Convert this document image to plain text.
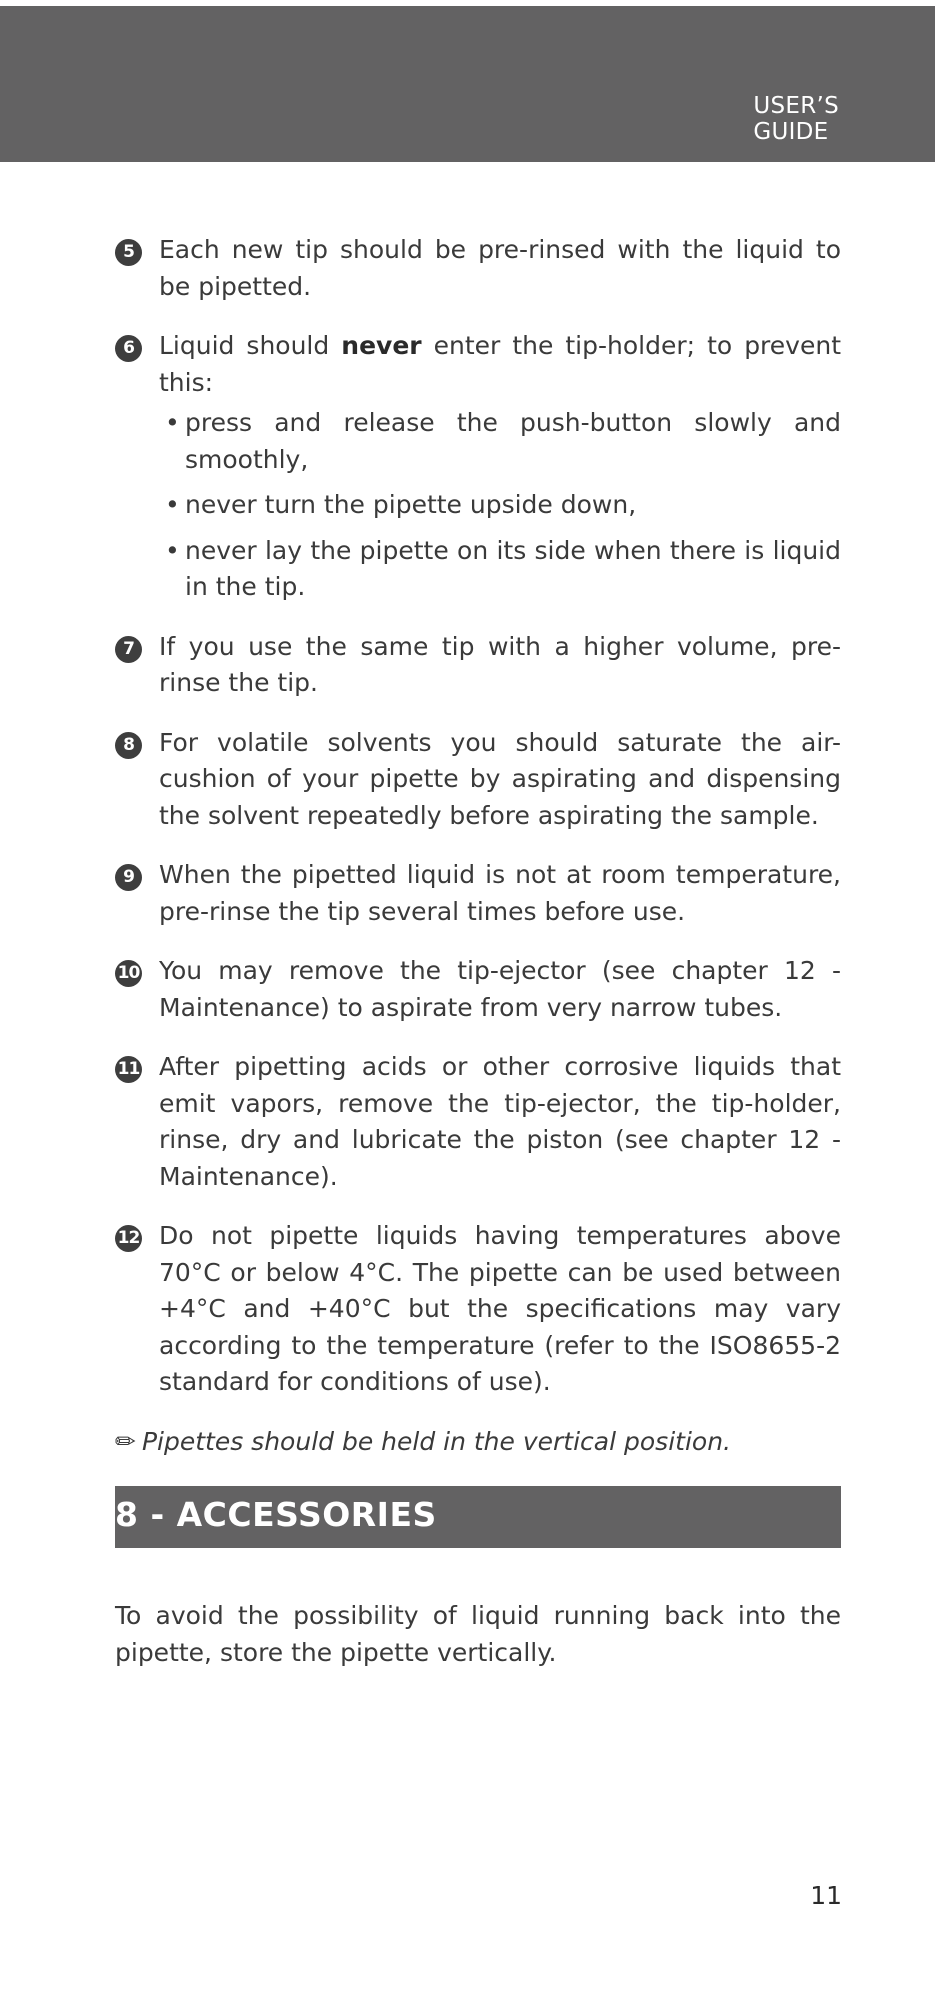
USER’S
GUIDE
5	Each new tip should be pre-rinsed with the liquid to be pipetted.

6	Liquid should never enter the tip-holder; to prevent this:

• press and release the push-button slowly and smoothly,
• never turn the pipette upside down,
• never lay the pipette on its side when there is liquid in the tip.
7	If you use the same tip with a higher volume, pre-rinse the tip.

8	For volatile solvents you should saturate the air-cushion of your pipette by aspirating and dispensing the solvent repeatedly before aspirating the sample.

9	When the pipetted liquid is not at room temperature, pre-rinse the tip several times before use.

10 You may remove the tip-ejector (see chapter 12 - Maintenance) to aspirate from very narrow tubes.

11 After pipetting acids or other corrosive liquids that emit vapors, remove the tip-ejector, the tip-holder, rinse, dry and lubricate the piston (see chapter 12 - Maintenance).

12 Do not pipette liquids having temperatures above 70°C or below 4°C. The pipette can be used between +4°C and +40°C but the specifications may vary according to the temperature (refer to the ISO8655-2 standard for conditions of use).

✏ Pipettes should be held in the vertical position.
8 - ACCESSORIES

To avoid the possibility of liquid running back into the pipette, store the pipette vertically.

11
